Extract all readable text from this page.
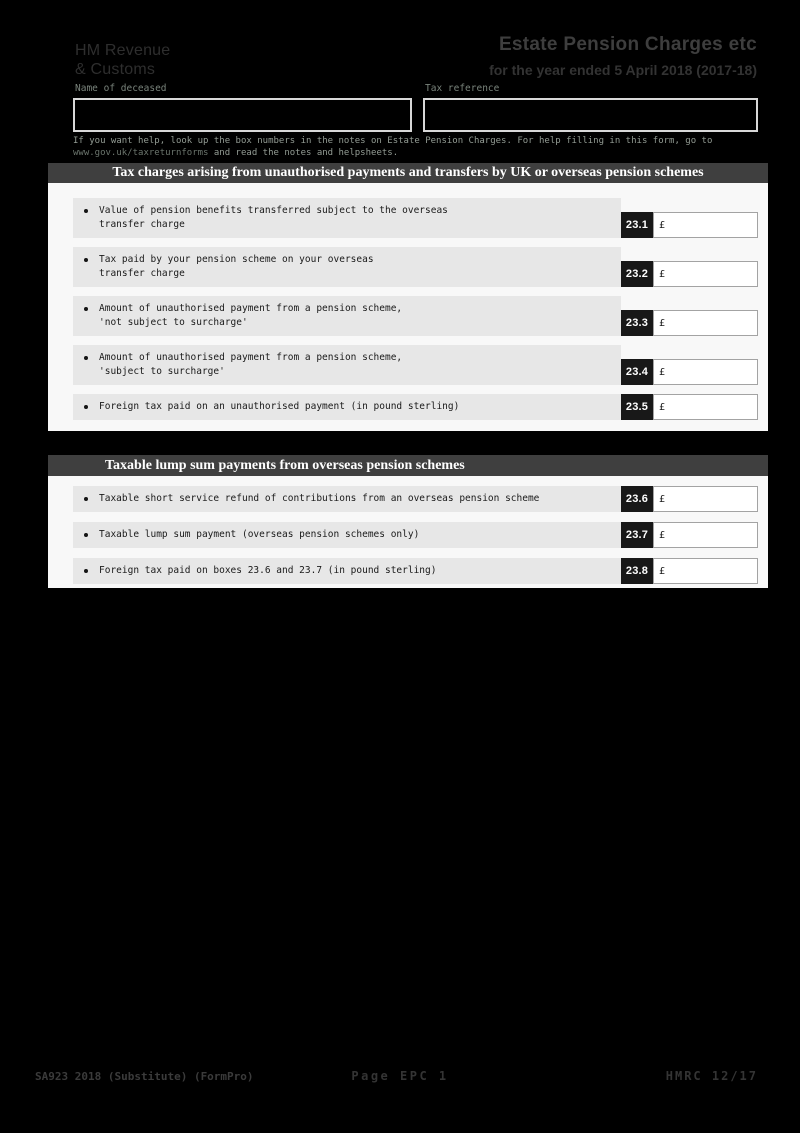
HM Revenue
& Customs
Estate Pension Charges etc
for the year ended 5 April 2018 (2017-18)
Name of deceased	Tax reference
If you want help, look up the box numbers in the notes on Estate Pension Charges. For help filling in this form, go to
www.gov.uk/taxreturnforms and read the notes and helpsheets.
Tax charges arising from unauthorised payments and transfers by UK or overseas pension schemes
Value of pension benefits transferred subject to the overseas
transfer charge	23.1	£
Tax paid by your pension scheme on your overseas
transfer charge	23.2	£
Amount of unauthorised payment from a pension scheme,
'not subject to surcharge'	23.3	£
Amount of unauthorised payment from a pension scheme,
'subject to surcharge'	23.4	£
Foreign tax paid on an unauthorised payment (in pound sterling)	23.5	£
Taxable lump sum payments from overseas pension schemes
Taxable short service refund of contributions from an overseas pension scheme	23.6	£
Taxable lump sum payment (overseas pension schemes only)	23.7	£
Foreign tax paid on boxes 23.6 and 23.7 (in pound sterling)	23.8	£
SA923 2018 (Substitute) (FormPro)	Page EPC 1	HMRC 12/17
